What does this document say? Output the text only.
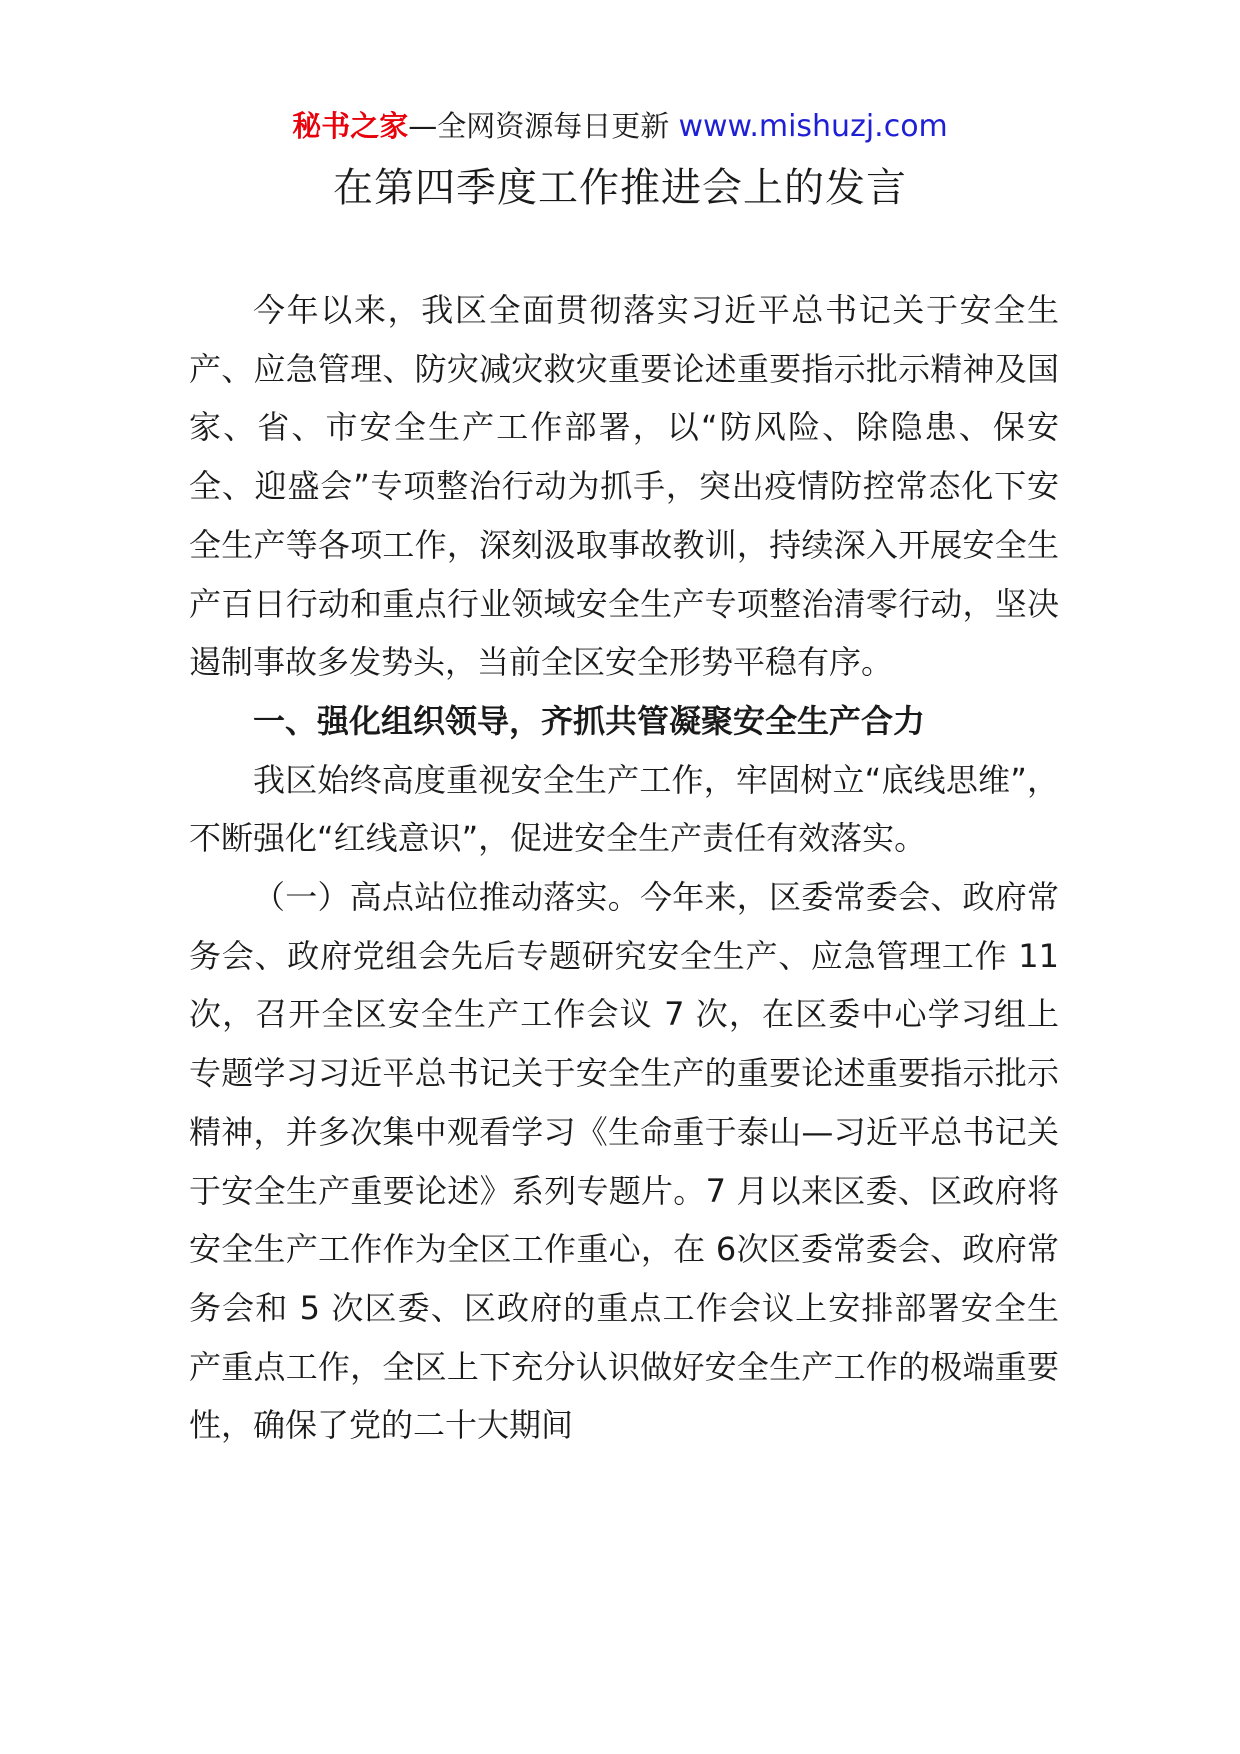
秘书之家—全网资源每日更新 www.mishuzj.com
在第四季度工作推进会上的发言

今年以来，我区全面贯彻落实习近平总书记关于安全生产、应急管理、防灾减灾救灾重要论述重要指示批示精神及国家、省、市安全生产工作部署，以“防风险、除隐患、保安全、迎盛会”专项整治行动为抓手，突出疫情防控常态化下安全生产等各项工作，深刻汲取事故教训，持续深入开展安全生产百日行动和重点行业领域安全生产专项整治清零行动，坚决遏制事故多发势头，当前全区安全形势平稳有序。

一、强化组织领导，齐抓共管凝聚安全生产合力

我区始终高度重视安全生产工作，牢固树立“底线思维”，不断强化“红线意识”，促进安全生产责任有效落实。

（一）高点站位推动落实。今年来，区委常委会、政府常务会、政府党组会先后专题研究安全生产、应急管理工作 11 次，召开全区安全生产工作会议 7 次，在区委中心学习组上专题学习习近平总书记关于安全生产的重要论述重要指示批示精神，并多次集中观看学习《生命重于泰山—习近平总书记关于安全生产重要论述》系列专题片。7 月以来区委、区政府将安全生产工作作为全区工作重心，在 6次区委常委会、政府常务会和 5 次区委、区政府的重点工作会议上安排部署安全生产重点工作，全区上下充分认识做好安全生产工作的极端重要性，确保了党的二十大期间
